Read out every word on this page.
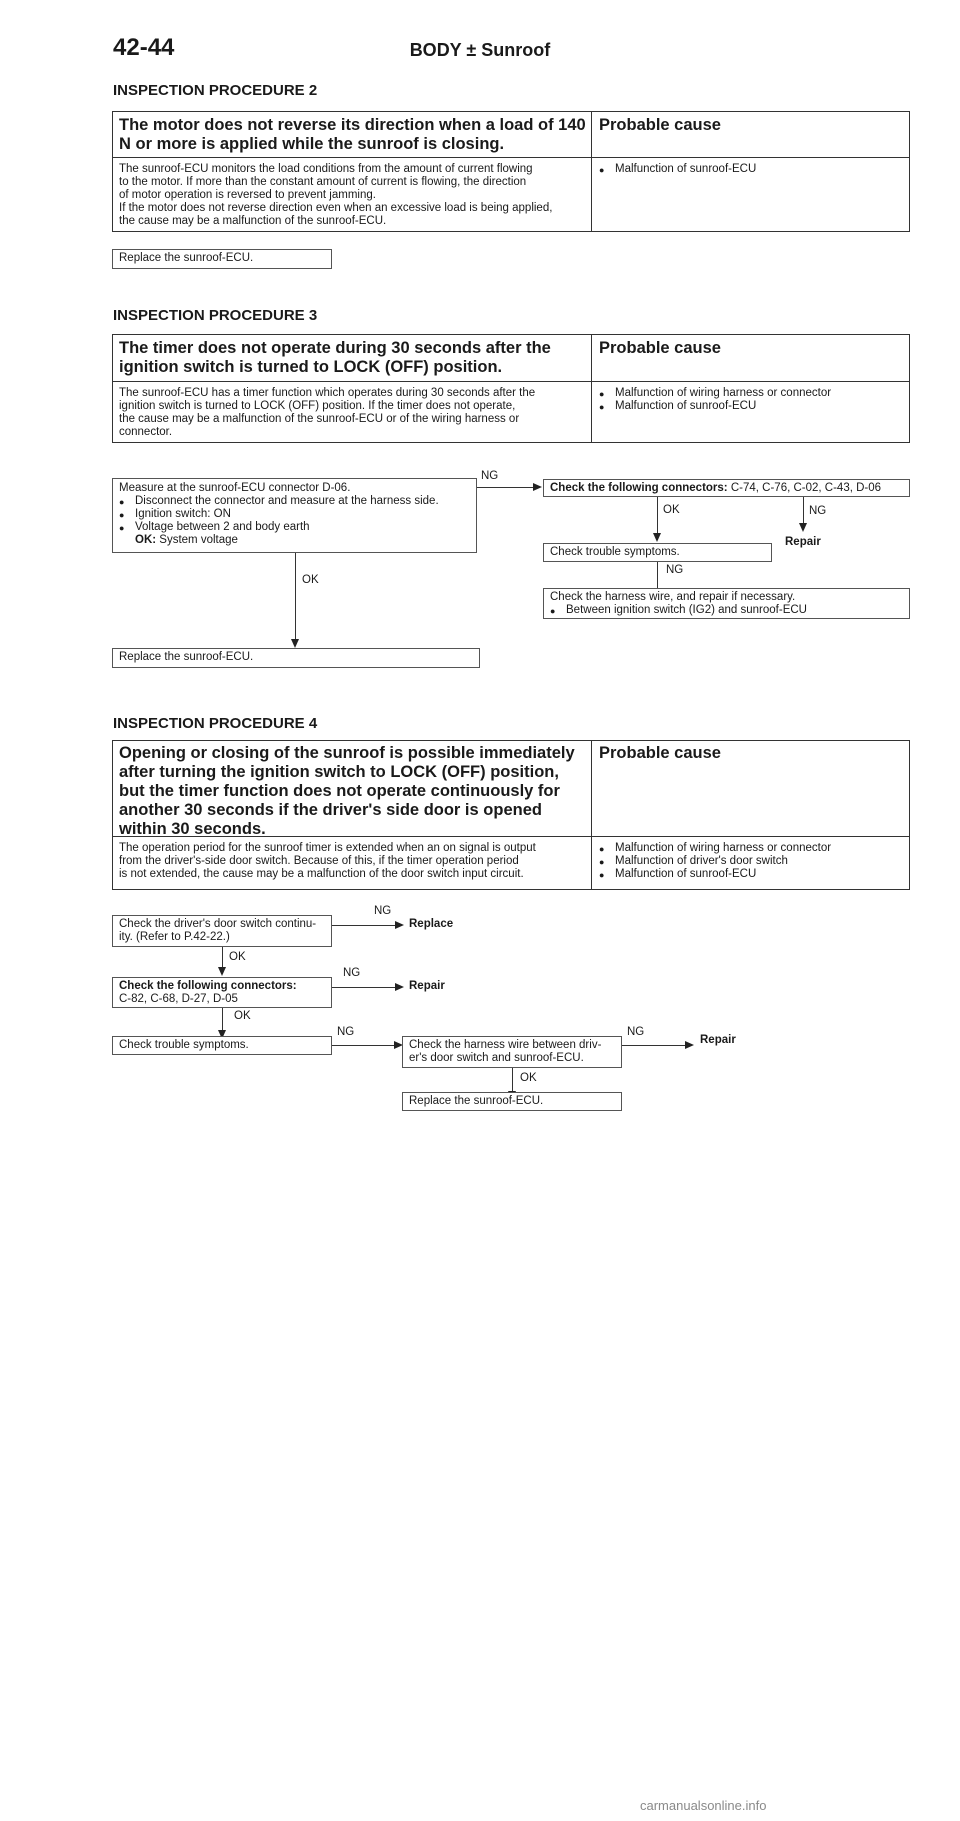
42-44	BODY ± Sunroof
INSPECTION PROCEDURE 2
The motor does not reverse its direction when a load of 140
N or more is applied while the sunroof is closing.
Probable cause
The sunroof-ECU monitors the load conditions from the amount of current flowing
to the motor. If more than the constant amount of current is flowing, the direction
of motor operation is reversed to prevent jamming.
If the motor does not reverse direction even when an excessive load is being applied,
the cause may be a malfunction of the sunroof-ECU.
● Malfunction of sunroof-ECU
Replace the sunroof-ECU.
INSPECTION PROCEDURE 3
The timer does not operate during 30 seconds after the
ignition switch is turned to LOCK (OFF) position.
Probable cause
The sunroof-ECU has a timer function which operates during 30 seconds after the
ignition switch is turned to LOCK (OFF) position. If the timer does not operate,
the cause may be a malfunction of the sunroof-ECU or of the wiring harness or
connector.
● Malfunction of wiring harness or connector
● Malfunction of sunroof-ECU
Measure at the sunroof-ECU connector D-06.
● Disconnect the connector and measure at the harness side.
● Ignition switch: ON
● Voltage between 2 and body earth
OK: System voltage
NG
Check the following connectors: C-74, C-76, C-02, C-43, D-06
OK	NG
Repair
Check trouble symptoms.
NG
Check the harness wire, and repair if necessary.
● Between ignition switch (IG2) and sunroof-ECU
OK
Replace the sunroof-ECU.
INSPECTION PROCEDURE 4
Opening or closing of the sunroof is possible immediately
after turning the ignition switch to LOCK (OFF) position,
but the timer function does not operate continuously for
another 30 seconds if the driver's side door is opened
within 30 seconds.
Probable cause
The operation period for the sunroof timer is extended when an on signal is output
from the driver's-side door switch. Because of this, if the timer operation period
is not extended, the cause may be a malfunction of the door switch input circuit.
● Malfunction of wiring harness or connector
● Malfunction of driver's door switch
● Malfunction of sunroof-ECU
Check the driver's door switch continu-
ity. (Refer to P.42-22.)
NG
Replace
OK
Check the following connectors:
C-82, C-68, D-27, D-05
NG
Repair
OK
Check trouble symptoms.
NG
Check the harness wire between driv-
er's door switch and sunroof-ECU.
NG
Repair
OK
Replace the sunroof-ECU.
carmanualsonline.info
